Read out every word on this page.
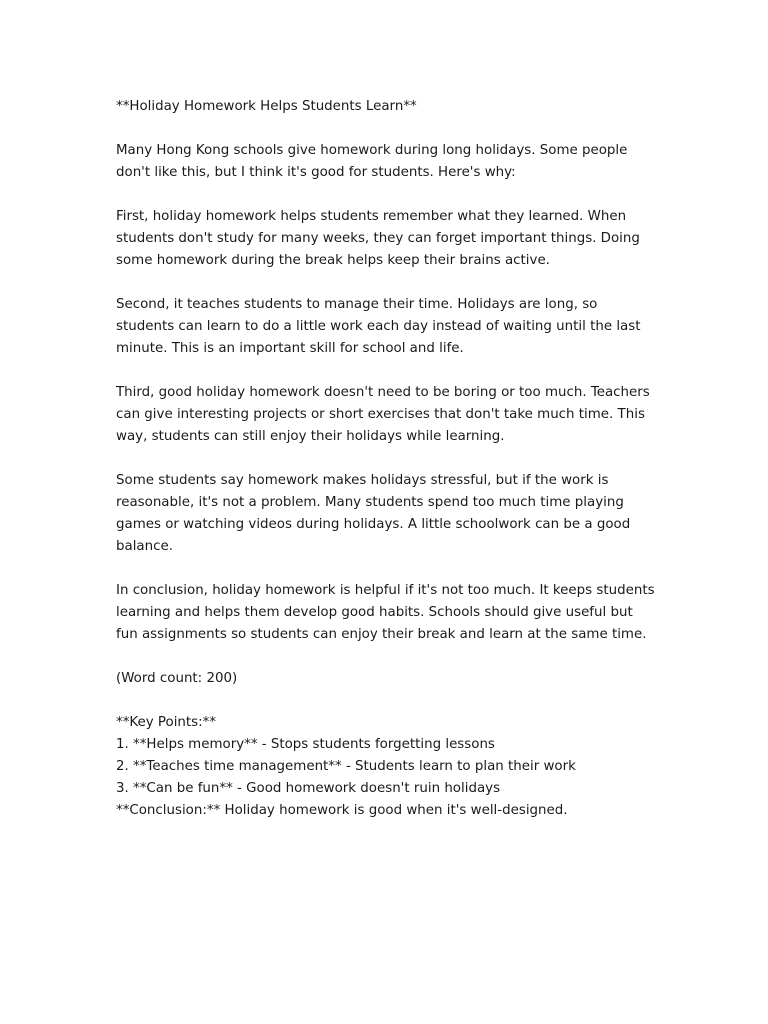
**Holiday Homework Helps Students Learn**

Many Hong Kong schools give homework during long holidays. Some people don't like this, but I think it's good for students. Here's why:

First, holiday homework helps students remember what they learned. When students don't study for many weeks, they can forget important things. Doing some homework during the break helps keep their brains active.

Second, it teaches students to manage their time. Holidays are long, so students can learn to do a little work each day instead of waiting until the last minute. This is an important skill for school and life.

Third, good holiday homework doesn't need to be boring or too much. Teachers can give interesting projects or short exercises that don't take much time. This way, students can still enjoy their holidays while learning.

Some students say homework makes holidays stressful, but if the work is reasonable, it's not a problem. Many students spend too much time playing games or watching videos during holidays. A little schoolwork can be a good balance.

In conclusion, holiday homework is helpful if it's not too much. It keeps students learning and helps them develop good habits. Schools should give useful but fun assignments so students can enjoy their break and learn at the same time.

(Word count: 200)

**Key Points:**
1. **Helps memory** - Stops students forgetting lessons
2. **Teaches time management** - Students learn to plan their work
3. **Can be fun** - Good homework doesn't ruin holidays
**Conclusion:** Holiday homework is good when it's well-designed.
